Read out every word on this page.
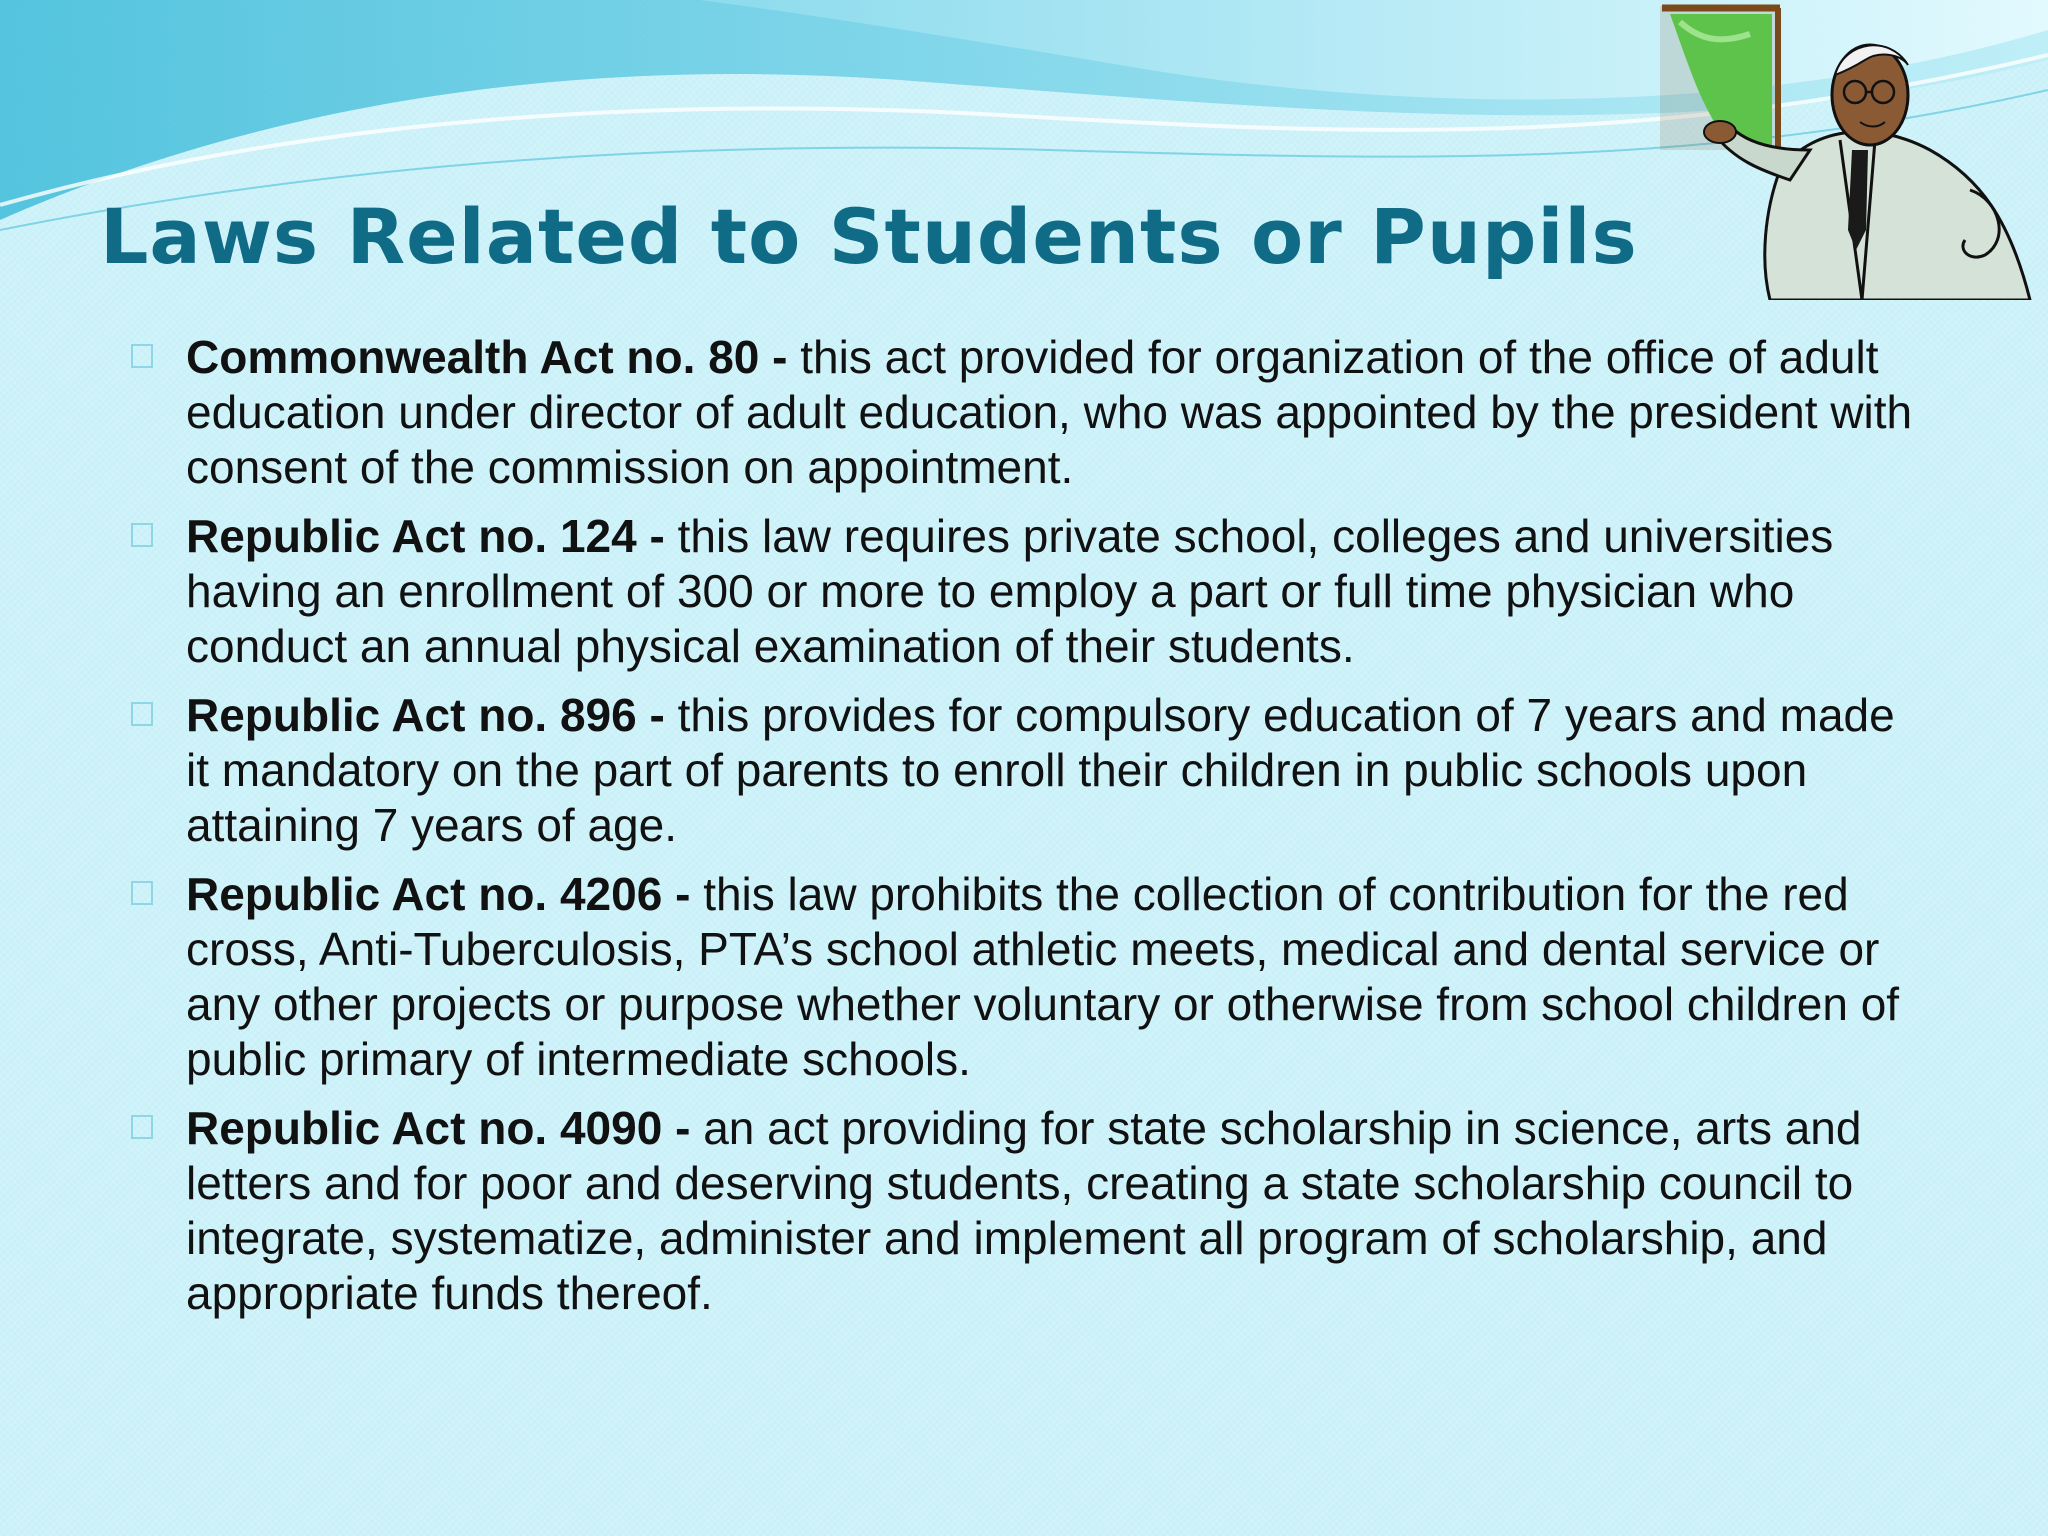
Laws Related to Students or Pupils
Commonwealth Act no. 80 - this act provided for organization of the office of adult education under director of adult education, who was appointed by the president with consent of the commission on appointment.
Republic Act no. 124 - this law requires private school, colleges and universities having an enrollment of 300 or more to employ a part or full time physician who conduct an annual physical examination of their students.
Republic Act no. 896 - this provides for compulsory education of 7 years and made it mandatory on the part of parents to enroll their children in public schools upon attaining 7 years of age.
Republic Act no. 4206 - this law prohibits the collection of contribution for the red cross, Anti-Tuberculosis, PTA’s school athletic meets, medical and dental service or any other projects or purpose whether voluntary or otherwise from school children of public primary of intermediate schools.
Republic Act no. 4090 - an act providing for state scholarship in science, arts and letters and for poor and deserving students, creating a state scholarship council to integrate, systematize, administer and implement all program of scholarship, and appropriate funds thereof.
